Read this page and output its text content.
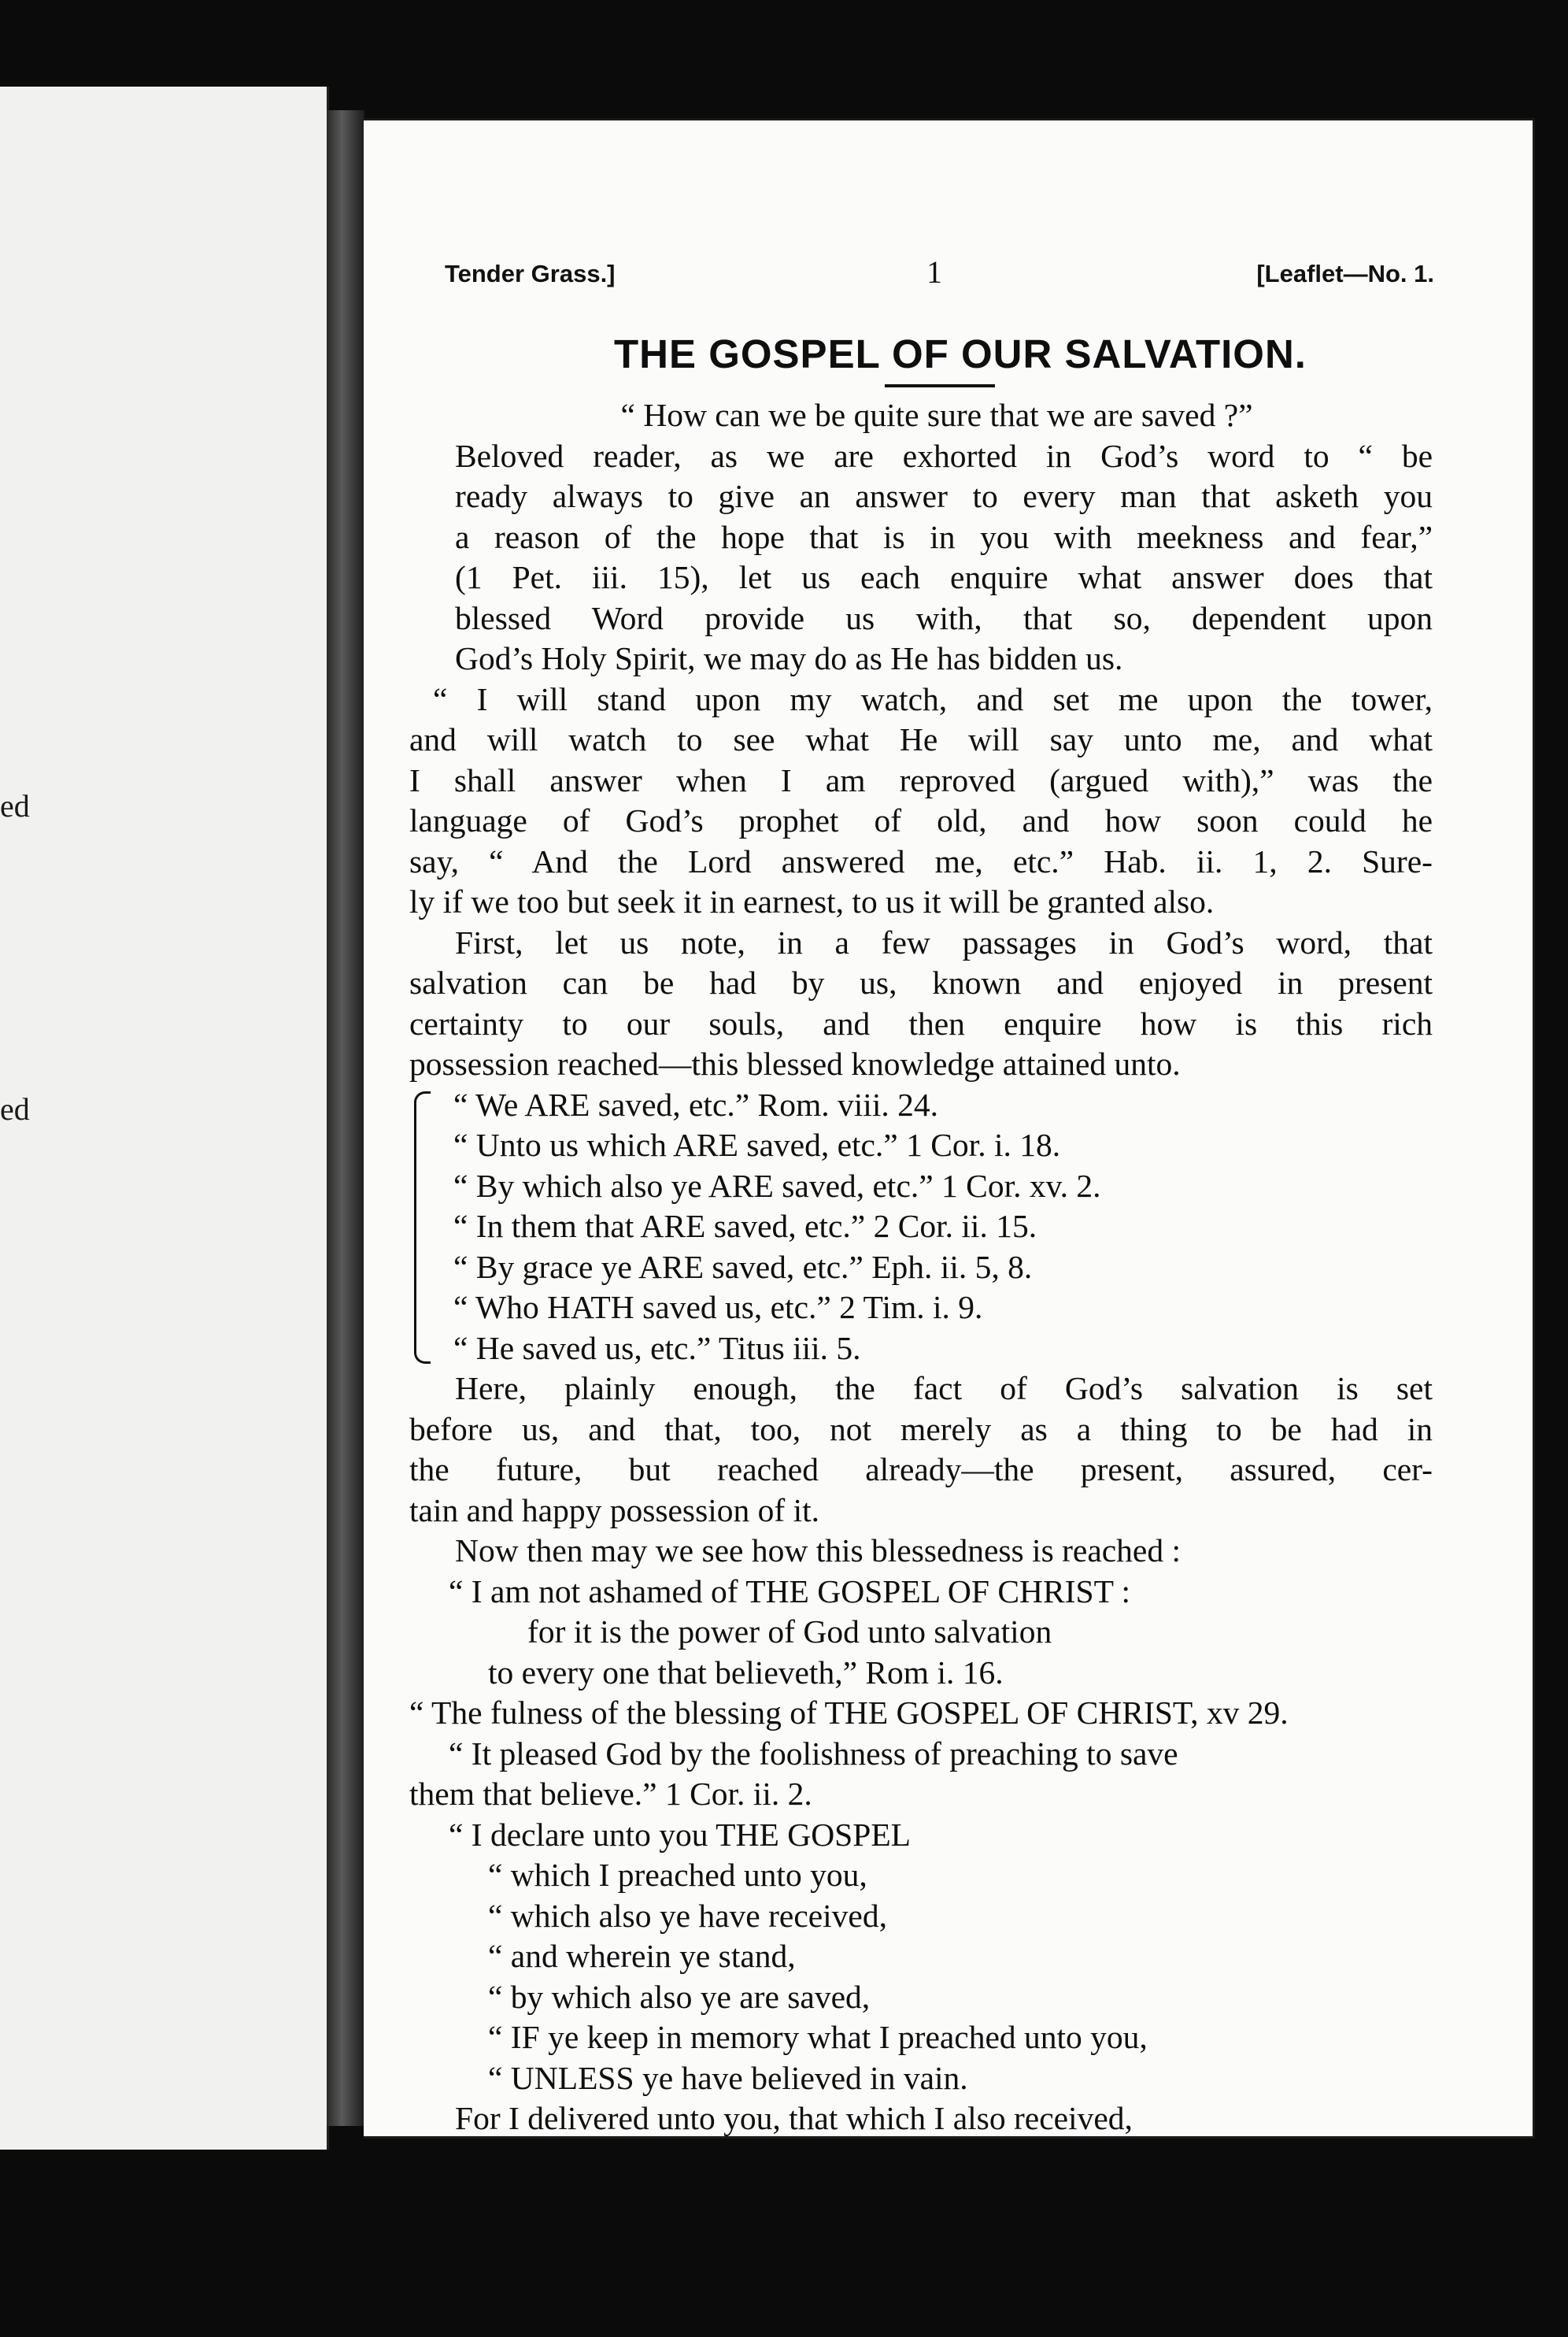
ed
ed
Tender Grass.]	1	[Leaflet—No. 1.
THE GOSPEL OF OUR SALVATION.
“ How can we be quite sure that we are saved ?”
Beloved reader, as we are exhorted in God’s word to “ be
ready always to give an answer to every man that asketh you
a reason of the hope that is in you with meekness and fear,”
(1 Pet. iii. 15), let us each enquire what answer does that
blessed Word provide us with, that so, dependent upon
God’s Holy Spirit, we may do as He has bidden us.
“ I will stand upon my watch, and set me upon the tower,
and will watch to see what He will say unto me, and what
I shall answer when I am reproved (argued with),” was the
language of God’s prophet of old, and how soon could he
say, “ And the Lord answered me, etc.” Hab. ii. 1, 2. Sure-
ly if we too but seek it in earnest, to us it will be granted also.
First, let us note, in a few passages in God’s word, that
salvation can be had by us, known and enjoyed in present
certainty to our souls, and then enquire how is this rich
possession reached—this blessed knowledge attained unto.
“ We ARE saved, etc.” Rom. viii. 24.
“ Unto us which ARE saved, etc.” 1 Cor. i. 18.
“ By which also ye ARE saved, etc.” 1 Cor. xv. 2.
“ In them that ARE saved, etc.” 2 Cor. ii. 15.
“ By grace ye ARE saved, etc.” Eph. ii. 5, 8.
“ Who HATH saved us, etc.” 2 Tim. i. 9.
“ He saved us, etc.” Titus iii. 5.
Here, plainly enough, the fact of God’s salvation is set
before us, and that, too, not merely as a thing to be had in
the future, but reached already—the present, assured, cer-
tain and happy possession of it.
Now then may we see how this blessedness is reached :
“ I am not ashamed of THE GOSPEL OF CHRIST :
for it is the power of God unto salvation
to every one that believeth,” Rom i. 16.
“ The fulness of the blessing of THE GOSPEL OF CHRIST, xv 29.
“ It pleased God by the foolishness of preaching to save
them that believe.” 1 Cor. ii. 2.
“ I declare unto you THE GOSPEL
“ which I preached unto you,
“ which also ye have received,
“ and wherein ye stand,
“ by which also ye are saved,
“ IF ye keep in memory what I preached unto you,
“ UNLESS ye have believed in vain.
For I delivered unto you, that which I also received,
